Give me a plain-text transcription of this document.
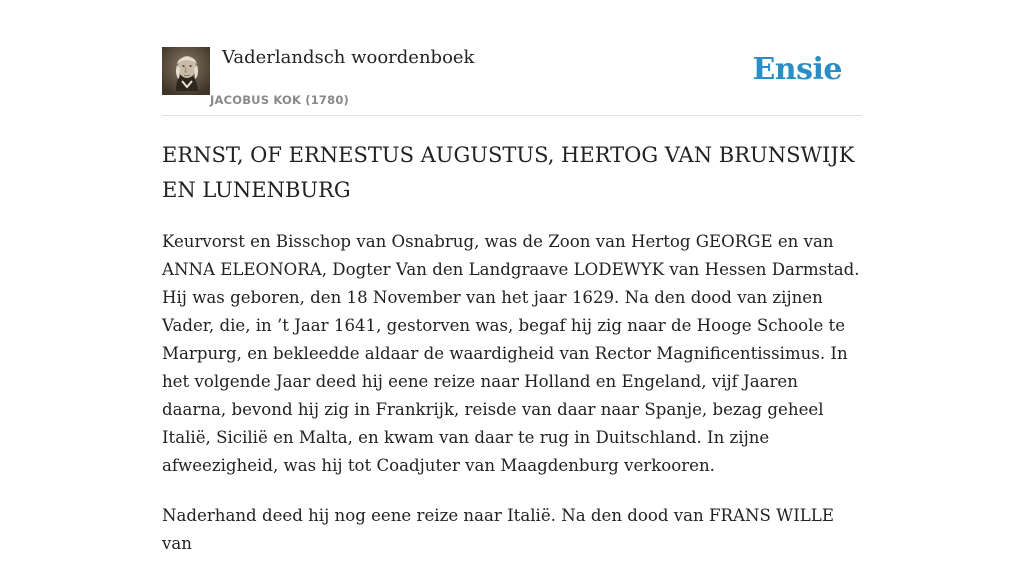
Vaderlandsch woordenboek
JACOBUS KOK (1780)
Ensie
ERNST, OF ERNESTUS AUGUSTUS, HERTOG VAN BRUNSWIJK EN LUNENBURG

Keurvorst en Bisschop van Osnabrug, was de Zoon van Hertog GEORGE en van ANNA ELEONORA, Dogter Van den Landgraave LODEWYK van Hessen Darmstad. Hij was geboren, den 18 November van het jaar 1629. Na den dood van zijnen Vader, die, in ’t Jaar 1641, gestorven was, begaf hij zig naar de Hooge Schoole te Marpurg, en bekleedde aldaar de waardigheid van Rector Magnificentissimus. In het volgende Jaar deed hij eene reize naar Holland en Engeland, vijf Jaaren daarna, bevond hij zig in Frankrijk, reisde van daar naar Spanje, bezag geheel Italië, Sicilië en Malta, en kwam van daar te rug in Duitschland. In zijne afweezigheid, was hij tot Coadjuter van Maagdenburg verkooren.

Naderhand deed hij nog eene reize naar Italië. Na den dood van FRANS WILLE van
